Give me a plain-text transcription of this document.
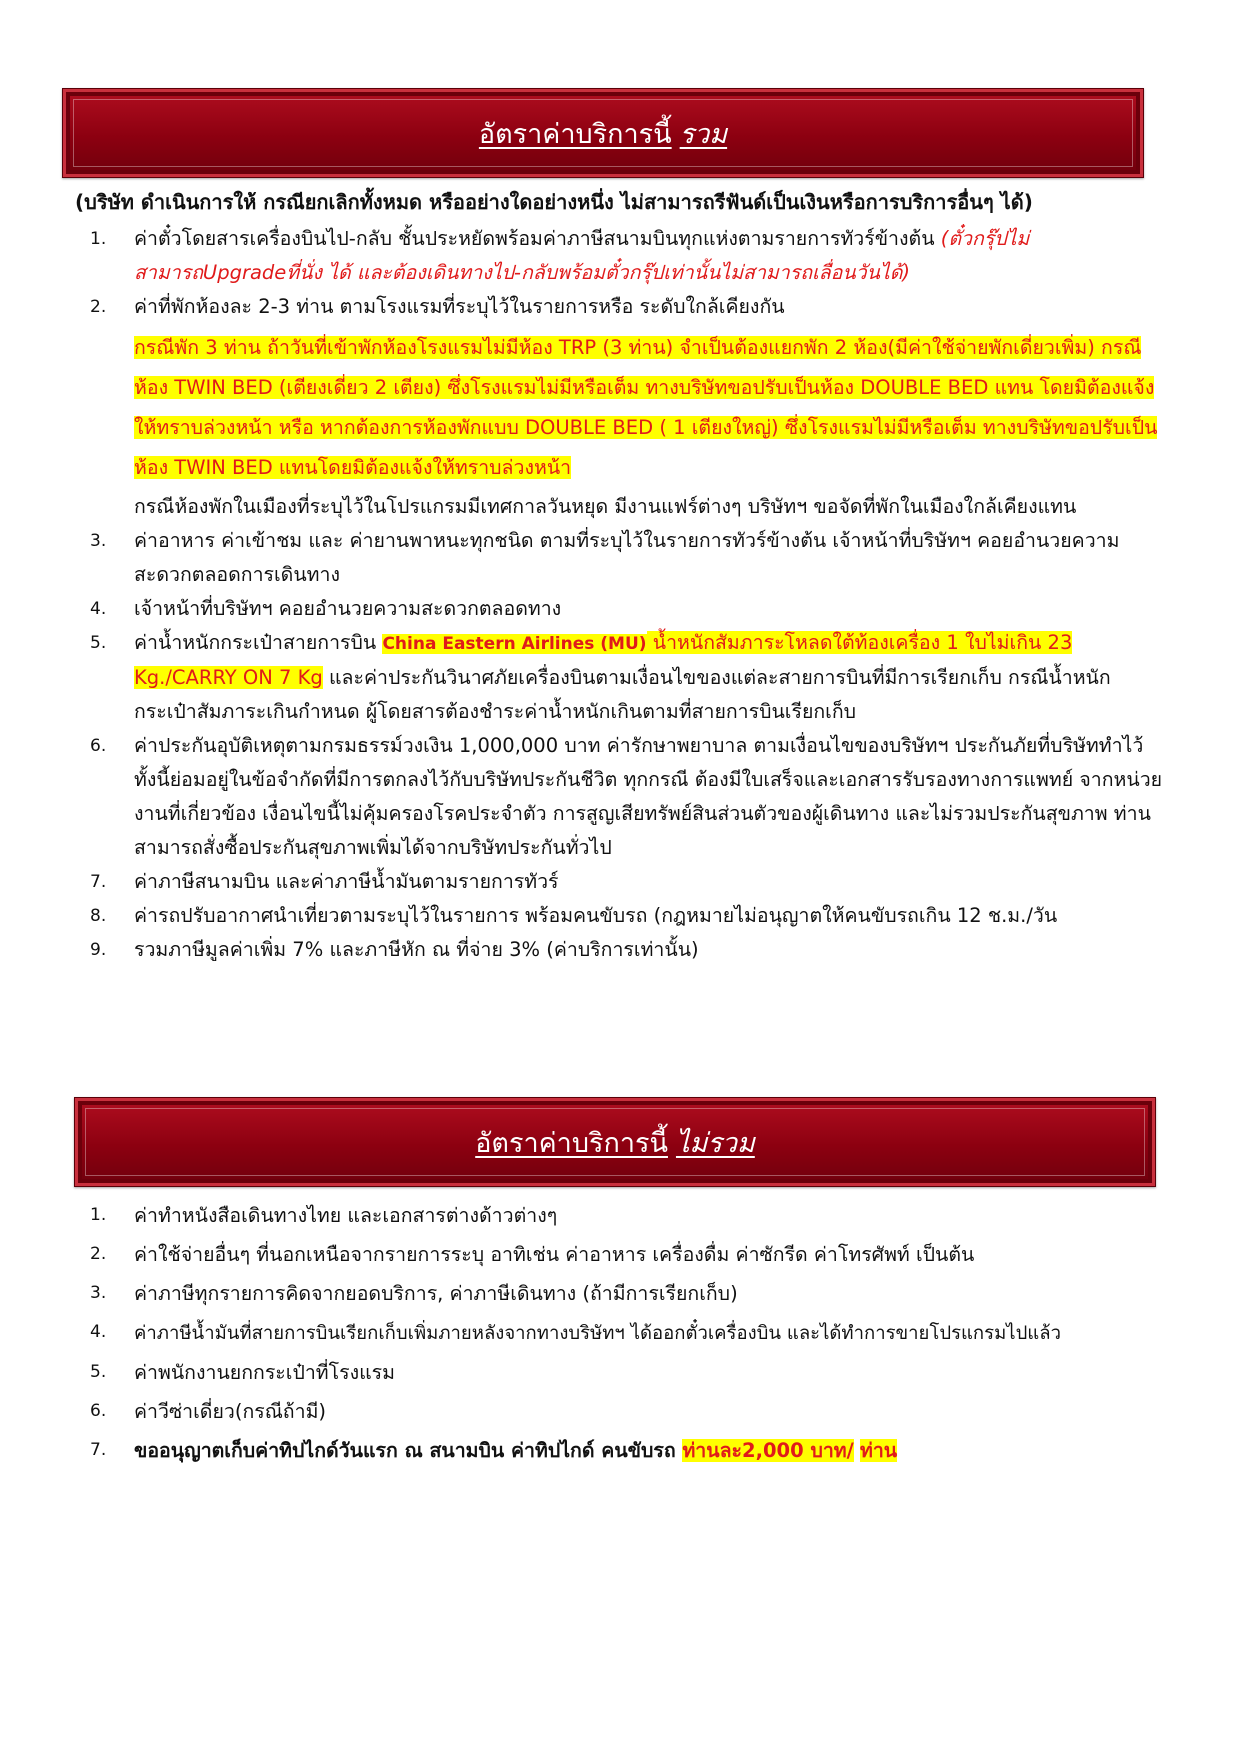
อัตราค่าบริการนี้ รวม
(บริษัท ดำเนินการให้ กรณียกเลิกทั้งหมด หรืออย่างใดอย่างหนึ่ง ไม่สามารถรีฟันด์เป็นเงินหรือการบริการอื่นๆ ได้)
1. ค่าตั๋วโดยสารเครื่องบินไป-กลับ ชั้นประหยัดพร้อมค่าภาษีสนามบินทุกแห่งตามรายการทัวร์ข้างต้น (ตั๋วกรุ๊ปไม่สามารถUpgradeที่นั่ง ได้ และต้องเดินทางไป-กลับพร้อมตั๋วกรุ๊ปเท่านั้นไม่สามารถเลื่อนวันได้)
2. ค่าที่พักห้องละ 2-3 ท่าน ตามโรงแรมที่ระบุไว้ในรายการหรือ ระดับใกล้เคียงกัน
กรณีพัก 3 ท่าน ถ้าวันที่เข้าพักห้องโรงแรมไม่มีห้อง TRP (3 ท่าน) จำเป็นต้องแยกพัก 2 ห้อง(มีค่าใช้จ่ายพักเดี่ยวเพิ่ม) กรณีห้อง TWIN BED (เตียงเดี่ยว 2 เตียง) ซึ่งโรงแรมไม่มีหรือเต็ม ทางบริษัทขอปรับเป็นห้อง DOUBLE BED แทน โดยมิต้องแจ้งให้ทราบล่วงหน้า หรือ หากต้องการห้องพักแบบ DOUBLE BED ( 1 เตียงใหญ่) ซึ่งโรงแรมไม่มีหรือเต็ม ทางบริษัทขอปรับเป็นห้อง TWIN BED แทนโดยมิต้องแจ้งให้ทราบล่วงหน้า
กรณีห้องพักในเมืองที่ระบุไว้ในโปรแกรมมีเทศกาลวันหยุด มีงานแฟร์ต่างๆ บริษัทฯ ขอจัดที่พักในเมืองใกล้เคียงแทน
3. ค่าอาหาร ค่าเข้าชม และ ค่ายานพาหนะทุกชนิด ตามที่ระบุไว้ในรายการทัวร์ข้างต้น เจ้าหน้าที่บริษัทฯ คอยอำนวยความสะดวกตลอดการเดินทาง
4. เจ้าหน้าที่บริษัทฯ คอยอำนวยความสะดวกตลอดทาง
5. ค่าน้ำหนักกระเป๋าสายการบิน China Eastern Airlines (MU) น้ำหนักสัมภาระโหลดใต้ท้องเครื่อง 1 ใบไม่เกิน 23 Kg./CARRY ON 7 Kg และค่าประกันวินาศภัยเครื่องบินตามเงื่อนไขของแต่ละสายการบินที่มีการเรียกเก็บ กรณีน้ำหนักกระเป๋าสัมภาระเกินกำหนด ผู้โดยสารต้องชำระค่าน้ำหนักเกินตามที่สายการบินเรียกเก็บ
6. ค่าประกันอุบัติเหตุตามกรมธรรม์วงเงิน 1,000,000 บาท ค่ารักษาพยาบาล ตามเงื่อนไขของบริษัทฯ ประกันภัยที่บริษัททำไว้ ทั้งนี้ย่อมอยู่ในข้อจำกัดที่มีการตกลงไว้กับบริษัทประกันชีวิต ทุกกรณี ต้องมีใบเสร็จและเอกสารรับรองทางการแพทย์ จากหน่วยงานที่เกี่ยวข้อง เงื่อนไขนี้ไม่คุ้มครองโรคประจำตัว การสูญเสียทรัพย์สินส่วนตัวของผู้เดินทาง และไม่รวมประกันสุขภาพ ท่านสามารถสั่งซื้อประกันสุขภาพเพิ่มได้จากบริษัทประกันทั่วไป
7. ค่าภาษีสนามบิน และค่าภาษีน้ำมันตามรายการทัวร์
8. ค่ารถปรับอากาศนำเที่ยวตามระบุไว้ในรายการ พร้อมคนขับรถ (กฎหมายไม่อนุญาตให้คนขับรถเกิน 12 ช.ม./วัน
9. รวมภาษีมูลค่าเพิ่ม 7% และภาษีหัก ณ ที่จ่าย 3% (ค่าบริการเท่านั้น)
อัตราค่าบริการนี้ ไม่รวม
1. ค่าทำหนังสือเดินทางไทย และเอกสารต่างด้าวต่างๆ
2. ค่าใช้จ่ายอื่นๆ ที่นอกเหนือจากรายการระบุ อาทิเช่น ค่าอาหาร เครื่องดื่ม ค่าซักรีด ค่าโทรศัพท์ เป็นต้น
3. ค่าภาษีทุกรายการคิดจากยอดบริการ, ค่าภาษีเดินทาง (ถ้ามีการเรียกเก็บ)
4. ค่าภาษีน้ำมันที่สายการบินเรียกเก็บเพิ่มภายหลังจากทางบริษัทฯ ได้ออกตั๋วเครื่องบิน และได้ทำการขายโปรแกรมไปแล้ว
5. ค่าพนักงานยกกระเป๋าที่โรงแรม
6. ค่าวีซ่าเดี่ยว(กรณีถ้ามี)
7. ขออนุญาตเก็บค่าทิปไกด์วันแรก ณ สนามบิน ค่าทิปไกด์ คนขับรถ ท่านละ2,000 บาท/ ท่าน
